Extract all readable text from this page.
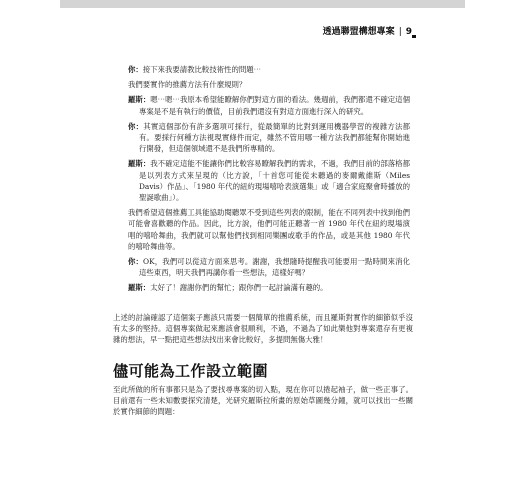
透過聯盟構想專案 | 9

你：接下來我要請教比較技術性的問題⋯

我們要實作的推薦方法有什麼規則？

羅斯：嗯⋯嗯⋯我原本希望能瞭解你們對這方面的看法。幾週前，我們都還不確定這個專案是不是有執行的價值，目前我們還沒有對這方面進行深入的研究。

你：其實這個部份有許多選項可採行，從最簡單的比對到運用機器學習的複雜方法都有。要採行何種方法視現實條件而定，雖然不管用哪一種方法我們都能幫你開始進行開發，但這個領域還不是我們所專精的。

羅斯：我不確定這能不能讓你們比較容易瞭解我們的需求，不過，我們目前的部落格都是以列表方式來呈現的（比方說，「十首您可能從未聽過的麥爾戴維斯（Miles Davis）作品」、「1980 年代的紐約現場嘻哈表演選集」或「適合家庭聚會時播放的聖誕歌曲」）。

我們希望這個推薦工具能協助閱聽眾不受到這些列表的限制，能在不同列表中找到他們可能會喜歡聽的作品。因此，比方說，他們可能正聽著一首 1980 年代在紐約現場演唱的嘻哈舞曲，我們就可以幫他們找到相同樂團或歌手的作品，或是其他 1980 年代的嘻哈舞曲等。

你：OK，我們可以從這方面來思考。謝謝，我想隨時提醒我可能要用一點時間來消化這些東西，明天我們再講你看一些想法，這樣好嗎？

羅斯：太好了！謝謝你們的幫忙；跟你們一起討論滿有趣的。

上述的討論確認了這個案子應該只需要一個簡單的推薦系統，而且羅斯對實作的細節似乎沒有太多的堅持。這個專案做起來應該會很順利，不過，不過為了如此樂他對專案還存有更複雜的想法，早一點把這些想法找出來會比較好，多提問無傷大雅！

儘可能為工作設立範圍

至此所做的所有事都只是為了要找尋專案的切入點，現在你可以捲起袖子，做一些正事了。目前還有一些未知數要探究清楚，光研究羅斯拉所畫的原始草圖幾分鐘，就可以找出一些關於實作細節的問題：
